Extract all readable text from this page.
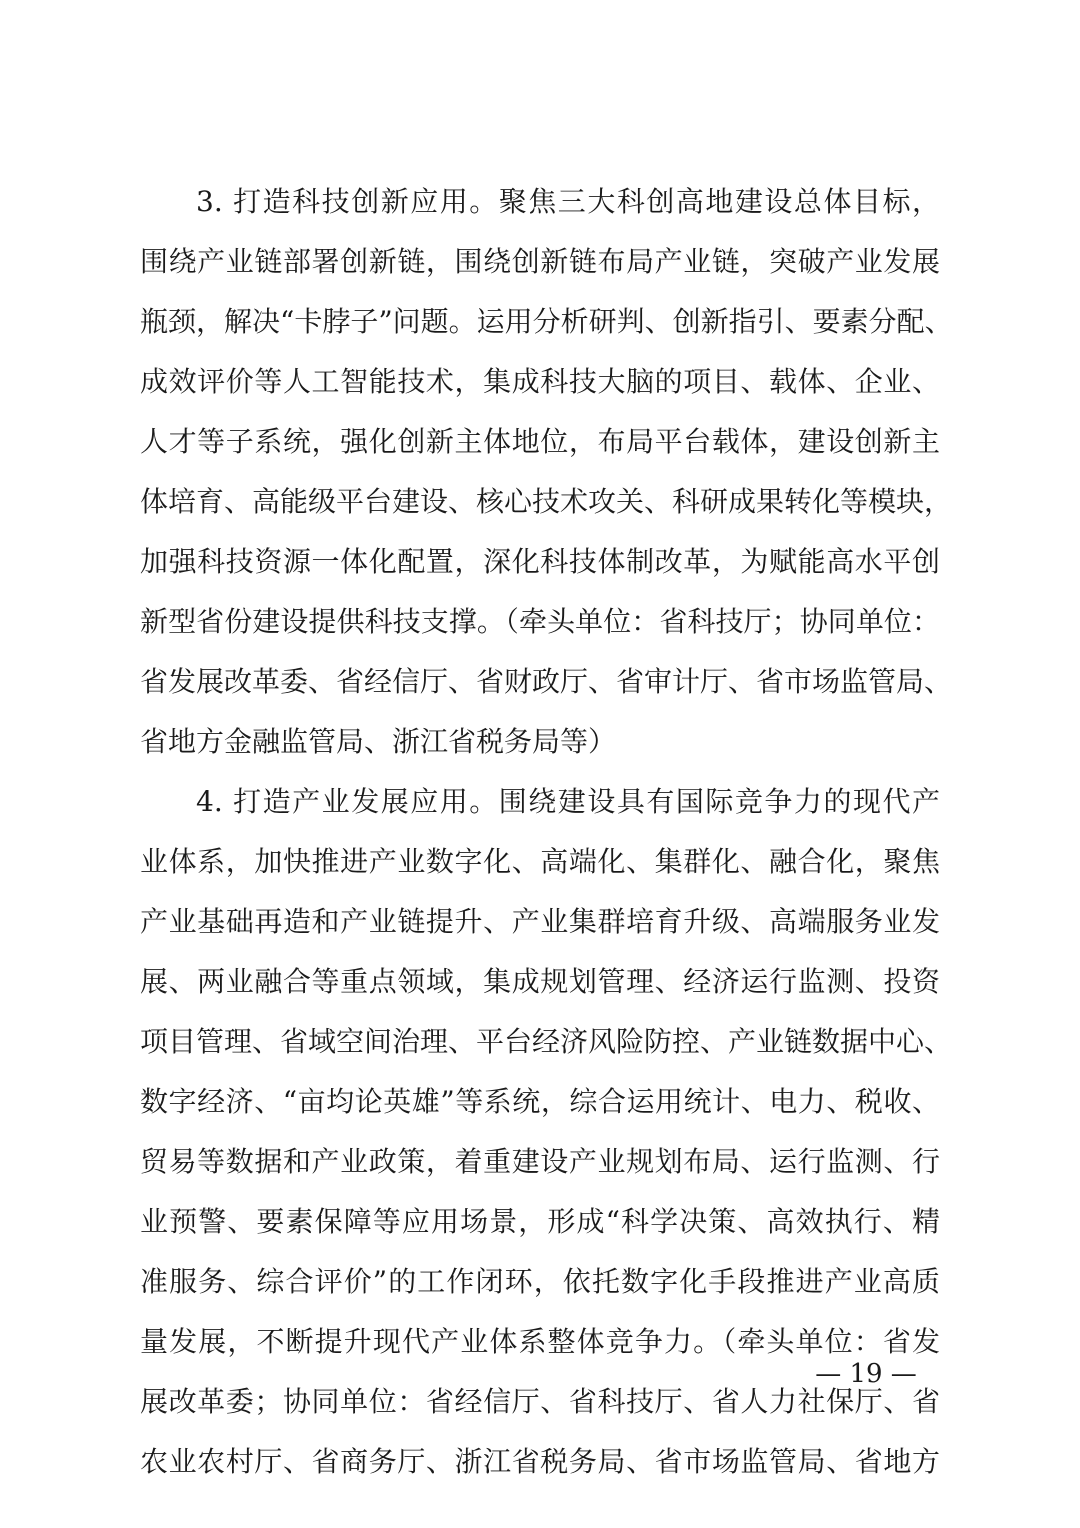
3. 打造科技创新应用。聚焦三大科创高地建设总体目标，
围绕产业链部署创新链，围绕创新链布局产业链，突破产业发展
瓶颈，解决“卡脖子”问题。运用分析研判、创新指引、要素分配、
成效评价等人工智能技术，集成科技大脑的项目、载体、企业、
人才等子系统，强化创新主体地位，布局平台载体，建设创新主
体培育、高能级平台建设、核心技术攻关、科研成果转化等模块，
加强科技资源一体化配置，深化科技体制改革，为赋能高水平创
新型省份建设提供科技支撑。（牵头单位：省科技厅；协同单位：
省发展改革委、省经信厅、省财政厅、省审计厅、省市场监管局、
省地方金融监管局、浙江省税务局等）
4. 打造产业发展应用。围绕建设具有国际竞争力的现代产
业体系，加快推进产业数字化、高端化、集群化、融合化，聚焦
产业基础再造和产业链提升、产业集群培育升级、高端服务业发
展、两业融合等重点领域，集成规划管理、经济运行监测、投资
项目管理、省域空间治理、平台经济风险防控、产业链数据中心、
数字经济、“亩均论英雄”等系统，综合运用统计、电力、税收、
贸易等数据和产业政策，着重建设产业规划布局、运行监测、行
业预警、要素保障等应用场景，形成“科学决策、高效执行、精
准服务、综合评价”的工作闭环，依托数字化手段推进产业高质
量发展，不断提升现代产业体系整体竞争力。（牵头单位：省发
展改革委；协同单位：省经信厅、省科技厅、省人力社保厅、省
农业农村厅、省商务厅、浙江省税务局、省市场监管局、省地方
— 19 —
